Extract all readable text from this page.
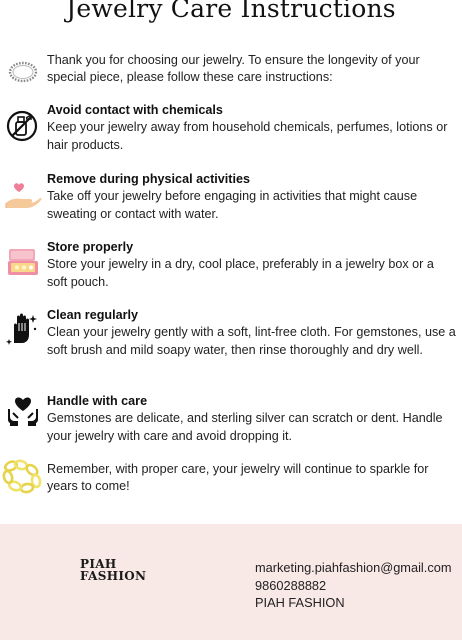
Jewelry Care Instructions
Thank you for choosing our jewelry. To ensure the longevity of your special piece, please follow these care instructions:
Avoid contact with chemicals
Keep your jewelry away from household chemicals, perfumes, lotions or hair products.
Remove during physical activities
Take off your jewelry before engaging in activities that might cause sweating or contact with water.
Store properly
Store your jewelry in a dry, cool place, preferably in a jewelry box or a soft pouch.
Clean regularly
Clean your jewelry gently with a soft, lint-free cloth. For gemstones, use a soft brush and mild soapy water, then rinse thoroughly and dry well.
Handle with care
Gemstones are delicate, and sterling silver can scratch or dent. Handle your jewelry with care and avoid dropping it.
Remember, with proper care, your jewelry will continue to sparkle for years to come!
PIAH
FASHION
marketing.piahfashion@gmail.com
9860288882
PIAH FASHION
